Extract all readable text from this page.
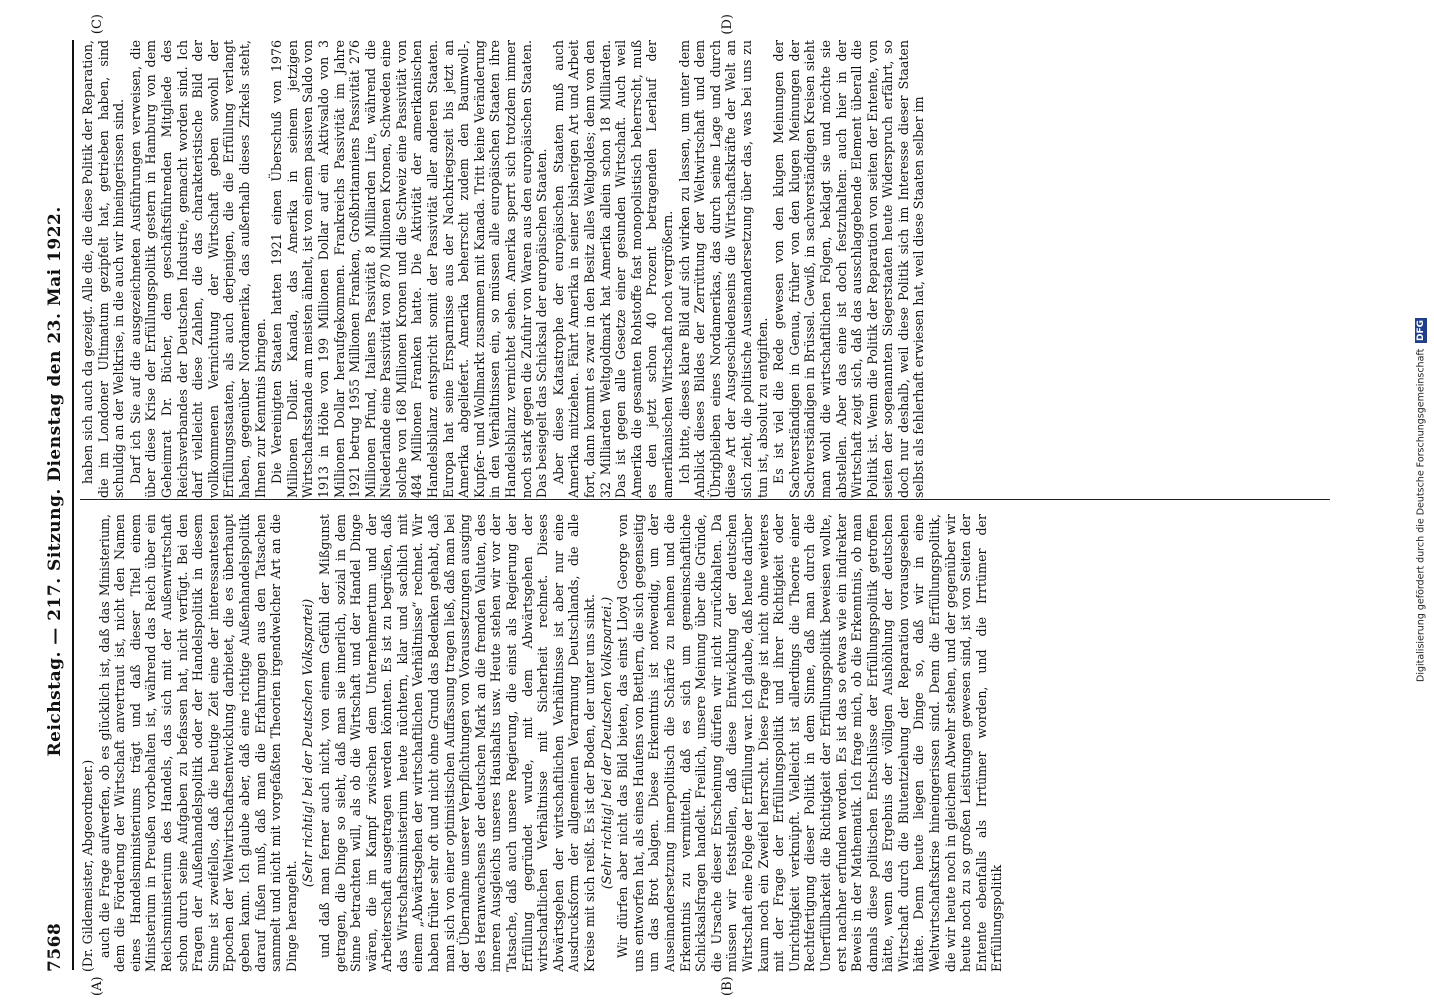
7568
Reichstag. — 217. Sitzung. Dienstag den 23. Mai 1922.
(A)	(B)
(C)	(D)

(Dr. Gildemeister, Abgeordneter.) auch die Frage aufwerfen, ob es glücklich ist, daß das Ministerium, dem die Förderung der Wirtschaft anvertraut ist, nicht den Namen eines Handelsministeriums trägt und daß dieser Titel einem Ministerium in Preußen vorbehalten ist, während das Reich über ein Reichsministerium des Handels, das sich mit der Außenwirtschaft schon durch seine Aufgaben zu befassen hat, nicht verfügt. Bei den Fragen der Außenhandelspolitik oder der Handelspolitik in diesem Sinne ist zweifellos, daß die heutige Zeit eine der interessantesten Epochen der Weltwirtschaftsentwicklung darbietet, die es überhaupt geben kann. Ich glaube aber, daß eine richtige Außenhandelspolitik darauf fußen muß, daß man die Erfahrungen aus den Tatsachen sammelt und nicht mit vorgefaßten Theorien irgendwelcher Art an die Dinge herangeht.

(Sehr richtig! bei der Deutschen Volkspartei) und daß man ferner auch nicht, von einem Gefühl der Mißgunst getragen, die Dinge so sieht, daß man sie innerlich, sozial in dem Sinne betrachten will, als ob die Wirtschaft und der Handel Dinge wären, die im Kampf zwischen dem Unternehmertum und der Arbeiterschaft ausgetragen werden könnten. Es ist zu begrüßen, daß das Wirtschaftsministerium heute nüchtern, klar und sachlich mit einem „Abwärtsgehen der wirtschaftlichen Verhältnisse“ rechnet. Wir haben früher sehr oft und nicht ohne Grund das Bedenken gehabt, daß man sich von einer optimistischen Auffassung tragen ließ, daß man bei der Übernahme unserer Verpflichtungen von Voraussetzungen ausging des Heranwachsens der deutschen Mark an die fremden Valuten, des inneren Ausgleichs unseres Haushalts usw. Heute stehen wir vor der Tatsache, daß auch unsere Regierung, die einst als Regierung der Erfüllung gegründet wurde, mit dem Abwärtsgehen der wirtschaftlichen Verhältnisse mit Sicherheit rechnet. Dieses Abwärtsgehen der wirtschaftlichen Verhältnisse ist aber nur eine Ausdrucksform der allgemeinen Verarmung Deutschlands, die alle Kreise mit sich reißt. Es ist der Boden, der unter uns sinkt. (Sehr richtig! bei der Deutschen Volkspartei.) Wir dürfen aber nicht das Bild bieten, das einst Lloyd George von uns entworfen hat, als eines Haufens von Bettlern, die sich gegenseitig um das Brot balgen. Diese Erkenntnis ist notwendig, um der Auseinandersetzung innerpolitisch die Schärfe zu nehmen und die Erkenntnis zu vermitteln, daß es sich um gemeinschaftliche Schicksalsfragen handelt. Freilich, unsere Meinung über die Gründe, die Ursache dieser Erscheinung dürfen wir nicht zurückhalten. Da müssen wir feststellen, daß diese Entwicklung der deutschen Wirtschaft eine Folge der Erfüllung war. Ich glaube, daß heute darüber kaum noch ein Zweifel herrscht. Diese Frage ist nicht ohne weiteres mit der Frage der Erfüllungspolitik und ihrer Richtigkeit oder Unrichtigkeit verknüpft. Vielleicht ist allerdings die Theorie einer Rechtfertigung dieser Politik in dem Sinne, daß man durch die Unerfüllbarkeit die Richtigkeit der Erfüllungspolitik beweisen wollte, erst nachher erfunden worden. Es ist das so etwas wie ein indirekter Beweis in der Mathematik. Ich frage mich, ob die Erkenntnis, ob man damals diese politischen Entschlüsse der Erfüllungspolitik getroffen hätte, wenn das Ergebnis der völligen Aushöhlung der deutschen Wirtschaft durch die Blutentziehung der Reparation vorausgesehen hätte. Denn heute liegen die Dinge so, daß wir in eine Weltwirtschaftskrise hineingerissen sind. Denn die Erfüllungspolitik, die wir heute noch in gleichem Abwehr stehen, und der gegenüber wir heute noch zu so großen Leistungen gewesen sind, ist von Seiten der Entente ebenfalls als Irrtümer worden, und die Irrtümer der Erfüllungspolitik

haben sich auch da gezeigt. Alle die, die diese Politik der Reparation, die im Londoner Ultimatum gezipfelt hat, getrieben haben, sind schuldig an der Weltkrise, in die auch wir hineingerissen sind. Darf ich Sie auf die ausgezeichneten Ausführungen verweisen, die über diese Krise der Erfüllungspolitik gestern in Hamburg von dem Geheimrat Dr. Bücher, dem geschäftsführenden Mitgliede des Reichsverbandes der Deutschen Industrie, gemacht worden sind. Ich darf vielleicht diese Zahlen, die das charakteristische Bild der vollkommenen Vernichtung der Wirtschaft geben sowohl der Erfüllungsstaaten, als auch derjenigen, die die Erfüllung verlangt haben, gegenüber Nordamerika, das außerhalb dieses Zirkels steht, Ihnen zur Kenntnis bringen. Die Vereinigten Staaten hatten 1921 einen Überschuß von 1976 Millionen Dollar. Kanada, das Amerika in seinem jetzigen Wirtschaftsstande am meisten ähnelt, ist von einem passiven Saldo von 1913 in Höhe von 199 Millionen Dollar auf ein Aktivsaldo von 3 Millionen Dollar heraufgekommen. Frankreichs Passivität im Jahre 1921 betrug 1955 Millionen Franken, Großbritanniens Passivität 276 Millionen Pfund, Italiens Passivität 8 Milliarden Lire, während die Niederlande eine Passivität von 870 Millionen Kronen, Schweden eine solche von 168 Millionen Kronen und die Schweiz eine Passivität von 484 Millionen Franken hatte. Die Aktivität der amerikanischen Handelsbilanz entspricht somit der Passivität aller anderen Staaten. Europa hat seine Ersparnisse aus der Nachkriegszeit bis jetzt an Amerika abgeliefert. Amerika beherrscht zudem den Baumwoll-, Kupfer- und Wollmarkt zusammen mit Kanada. Tritt keine Veränderung in den Verhältnissen ein, so müssen alle europäischen Staaten ihre Handelsbilanz vernichtet sehen. Amerika sperrt sich trotzdem immer noch stark gegen die Zufuhr von Waren aus den europäischen Staaten. Das besiegelt das Schicksal der europäischen Staaten. Aber diese Katastrophe der europäischen Staaten muß auch Amerika mitziehen. Fährt Amerika in seiner bisherigen Art und Arbeit fort, dann kommt es zwar in den Besitz alles Weltgoldes; denn von den 32 Milliarden Weltgoldmark hat Amerika allein schon 18 Milliarden. Das ist gegen alle Gesetze einer gesunden Wirtschaft. Auch weil Amerika die gesamten Rohstoffe fast monopolistisch beherrscht, muß es den jetzt schon 40 Prozent betragenden Leerlauf der amerikanischen Wirtschaft noch vergrößern. Ich bitte, dieses klare Bild auf sich wirken zu lassen, um unter dem Anblick dieses Bildes der Zerrüttung der Weltwirtschaft und dem Übrigbleiben eines Nordamerikas, das durch seine Lage und durch diese Art der Ausgeschiedenseins die Wirtschaftskräfte der Welt an sich zieht, die politische Auseinandersetzung über das, was bei uns zu tun ist, absolut zu entgiften. Es ist viel die Rede gewesen von den klugen Meinungen der Sachverständigen in Genua, früher von den klugen Meinungen der Sachverständigen in Brüssel. Gewiß, in sachverständigen Kreisen sieht man wohl die wirtschaftlichen Folgen, beklagt sie und möchte sie abstellen. Aber das eine ist doch festzuhalten: auch hier in der Wirtschaft zeigt sich, daß das ausschlaggebende Element überall die Politik ist. Wenn die Politik der Reparation von seiten der Entente, von seiten der sogenannten Siegerstaaten heute Widerspruch erfährt, so doch nur deshalb, weil diese Politik sich im Interesse dieser Staaten selbst als fehlerhaft erwiesen hat, weil diese Staaten selber im

Digitalisierung gefördert durch die Deutsche Forschungsgemeinschaft
DFG
